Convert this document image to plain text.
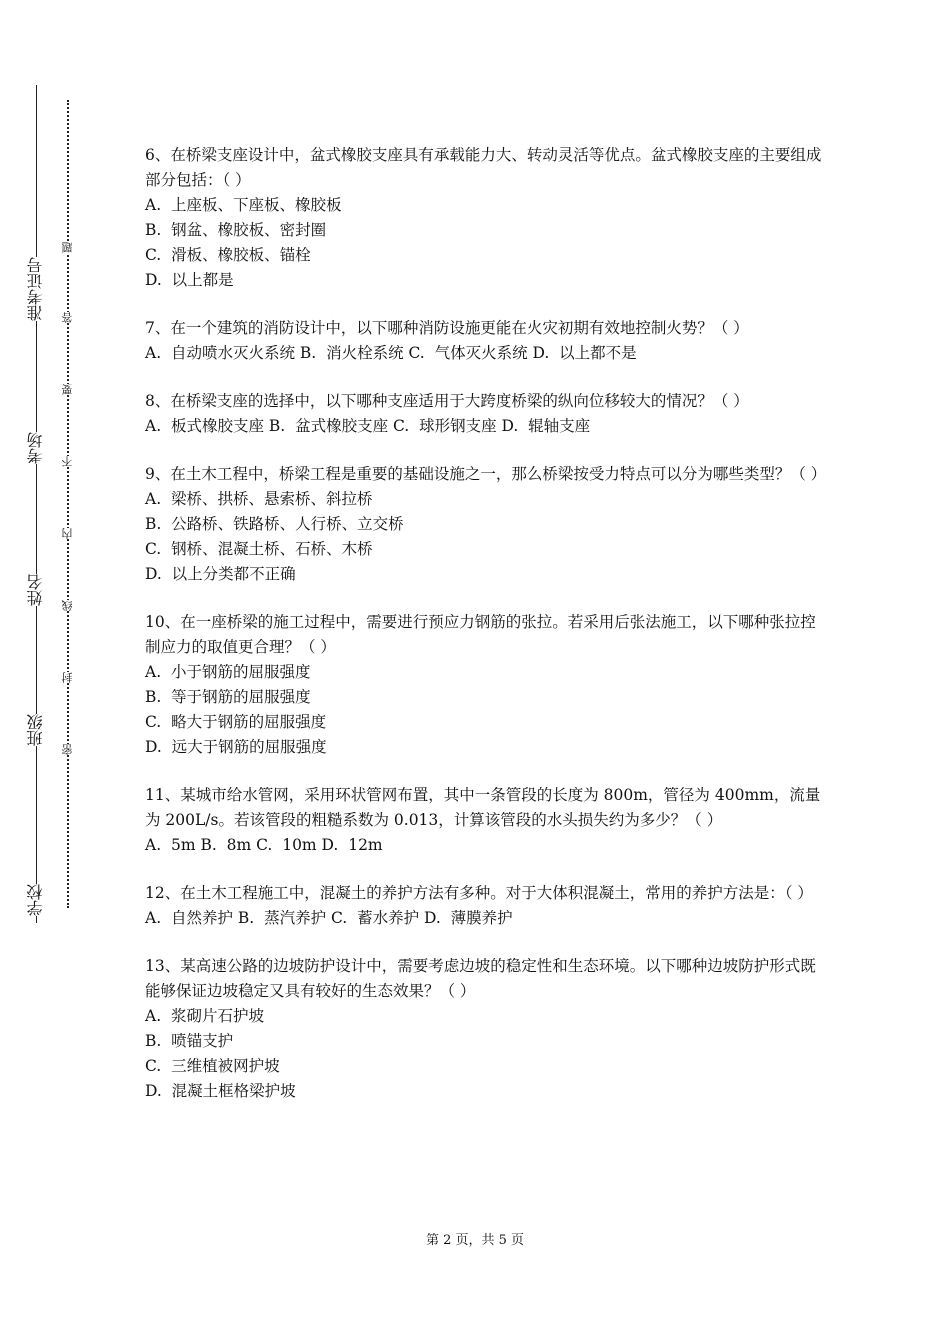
准考证号
考场
姓名
班级
学校
题
答
要
不
内
线
封
密
6、在桥梁支座设计中，盆式橡胶支座具有承载能力大、转动灵活等优点。盆式橡胶支座的主要组成部分包括：（ ）
A.  上座板、下座板、橡胶板
B.  钢盆、橡胶板、密封圈
C.  滑板、橡胶板、锚栓
D.  以上都是
7、在一个建筑的消防设计中，以下哪种消防设施更能在火灾初期有效地控制火势？（ ）
A.  自动喷水灭火系统 B.  消火栓系统 C.  气体灭火系统 D.  以上都不是
8、在桥梁支座的选择中，以下哪种支座适用于大跨度桥梁的纵向位移较大的情况？（ ）
A.  板式橡胶支座 B.  盆式橡胶支座 C.  球形钢支座 D.  辊轴支座
9、在土木工程中，桥梁工程是重要的基础设施之一，那么桥梁按受力特点可以分为哪些类型？（ ）
A.  梁桥、拱桥、悬索桥、斜拉桥
B.  公路桥、铁路桥、人行桥、立交桥
C.  钢桥、混凝土桥、石桥、木桥
D.  以上分类都不正确
10、在一座桥梁的施工过程中，需要进行预应力钢筋的张拉。若采用后张法施工，以下哪种张拉控制应力的取值更合理？（ ）
A.  小于钢筋的屈服强度
B.  等于钢筋的屈服强度
C.  略大于钢筋的屈服强度
D.  远大于钢筋的屈服强度
11、某城市给水管网，采用环状管网布置，其中一条管段的长度为 800m，管径为 400mm，流量为 200L/s。若该管段的粗糙系数为 0.013，计算该管段的水头损失约为多少？（ ）
A.  5m B.  8m C.  10m D.  12m
12、在土木工程施工中，混凝土的养护方法有多种。对于大体积混凝土，常用的养护方法是：（ ）
A.  自然养护 B.  蒸汽养护 C.  蓄水养护 D.  薄膜养护
13、某高速公路的边坡防护设计中，需要考虑边坡的稳定性和生态环境。以下哪种边坡防护形式既能够保证边坡稳定又具有较好的生态效果？（ ）
A.  浆砌片石护坡
B.  喷锚支护
C.  三维植被网护坡
D.  混凝土框格梁护坡
第 2 页，共 5 页
